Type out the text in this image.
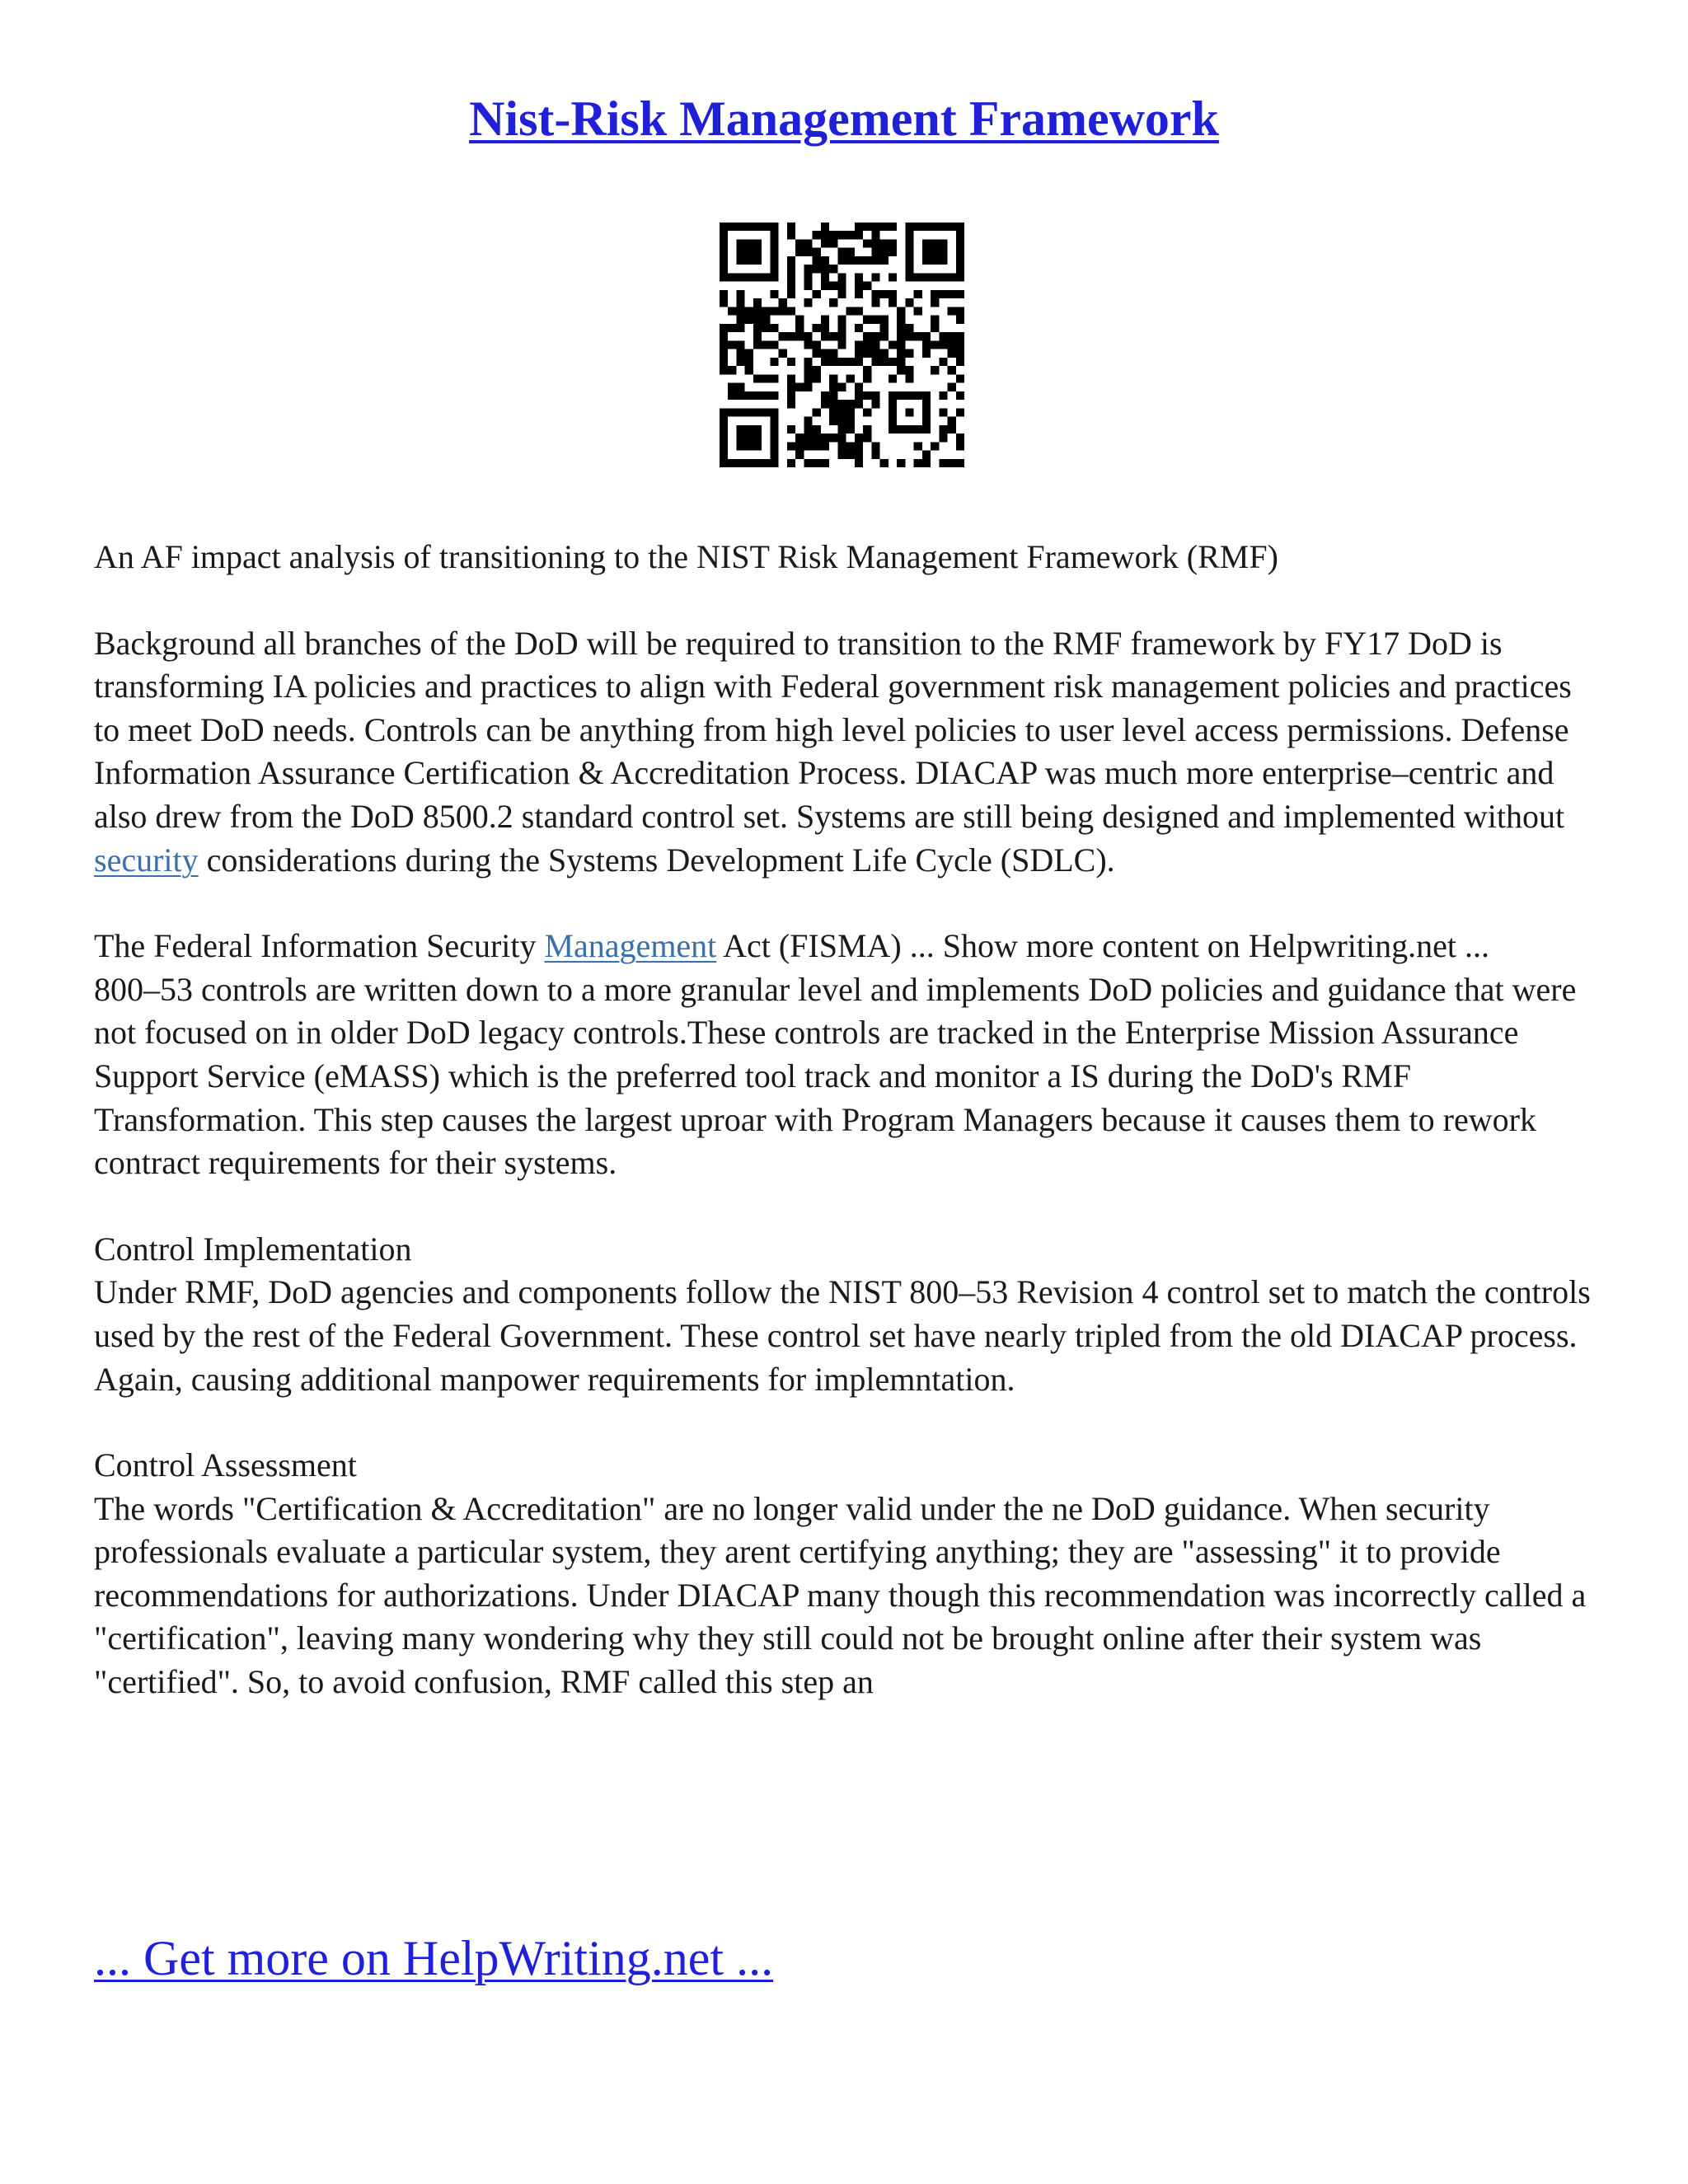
Nist-Risk Management Framework

An AF impact analysis of transitioning to the NIST Risk Management Framework (RMF)

Background all branches of the DoD will be required to transition to the RMF framework by FY17 DoD is transforming IA policies and practices to align with Federal government risk management policies and practices to meet DoD needs. Controls can be anything from high level policies to user level access permissions. Defense Information Assurance Certification & Accreditation Process. DIACAP was much more enterprise–centric and also drew from the DoD 8500.2 standard control set. Systems are still being designed and implemented without security considerations during the Systems Development Life Cycle (SDLC).

The Federal Information Security Management Act (FISMA) ... Show more content on Helpwriting.net ...

800–53 controls are written down to a more granular level and implements DoD policies and guidance that were not focused on in older DoD legacy controls.These controls are tracked in the Enterprise Mission Assurance Support Service (eMASS) which is the preferred tool track and monitor a IS during the DoD's RMF Transformation. This step causes the largest uproar with Program Managers because it causes them to rework contract requirements for their systems.

Control Implementation

Under RMF, DoD agencies and components follow the NIST 800–53 Revision 4 control set to match the controls used by the rest of the Federal Government. These control set have nearly tripled from the old DIACAP process. Again, causing additional manpower requirements for implemntation.

Control Assessment

The words "Certification & Accreditation" are no longer valid under the ne DoD guidance. When security professionals evaluate a particular system, they arent certifying anything; they are "assessing" it to provide recommendations for authorizations. Under DIACAP many though this recommendation was incorrectly called a "certification", leaving many wondering why they still could not be brought online after their system was "certified". So, to avoid confusion, RMF called this step an

... Get more on HelpWriting.net ...
